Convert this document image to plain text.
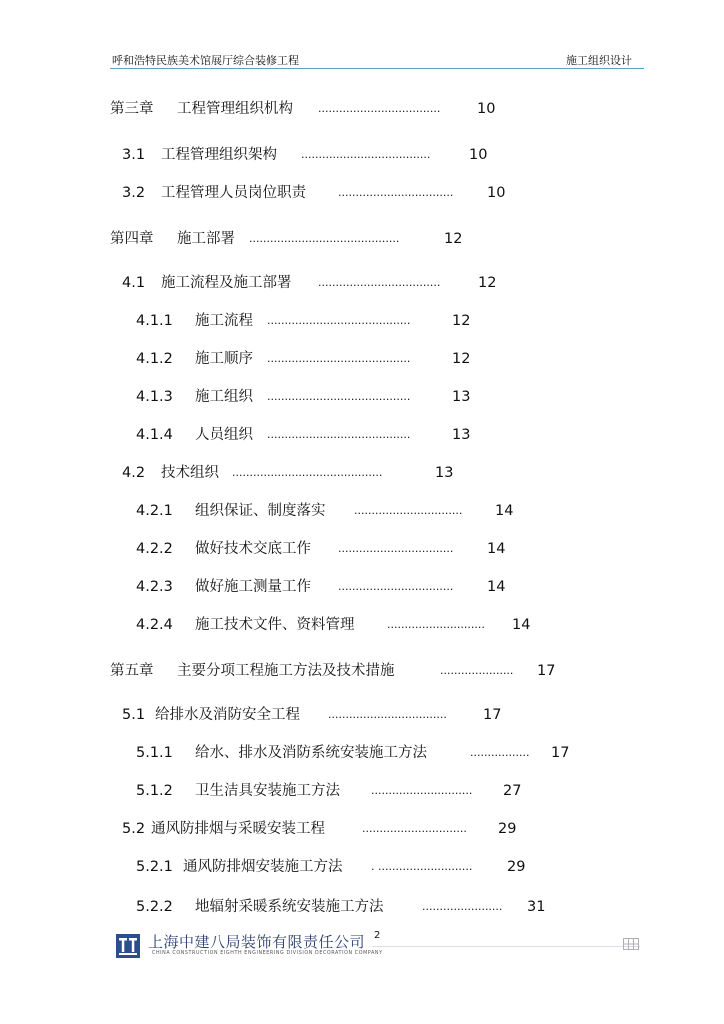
呼和浩特民族美术馆展厅综合装修工程	施工组织设计
第三章 工程管理组织机构 ...................................	10
3.1 工程管理组织架构 .....................................	10
3.2 工程管理人员岗位职责	................................. 10
第四章 施工部署 ...........................................	12
4.1 施工流程及施工部署 ...................................	12
4.1.1 施工流程 .........................................	12
4.1.2 施工顺序 .........................................	12
4.1.3 施工组织 .........................................	13
4.1.4 人员组织 .........................................	13
4.2 技术组织 ...........................................	13
4.2.1 组织保证、制度落实	............................... 14
4.2.2 做好技术交底工作 ................................. 14
4.2.3 做好施工测量工作 ................................. 14
4.2.4 施工技术文件、资料管理	............................ 14
第五章 主要分项工程施工方法及技术措施	..................... 17
5.1 给排水及消防安全工程	.................................. 17
5.1.1 给水、排水及消防系统安装施工方法	................. 17
5.1.2 卫生洁具安装施工方法	............................. 27
5.2 通风防排烟与采暖安装工程	.............................. 29
5.2.1 通风防排烟安装施工方法	. ........................... 29
5.2.2 地辐射采暖系统安装施工方法	....................... 31
上海中建八局装饰有限责任公司
CHINA CONSTRUCTION EIGHTH ENGINEERING DIVISION DECORATION COMPANY
2
